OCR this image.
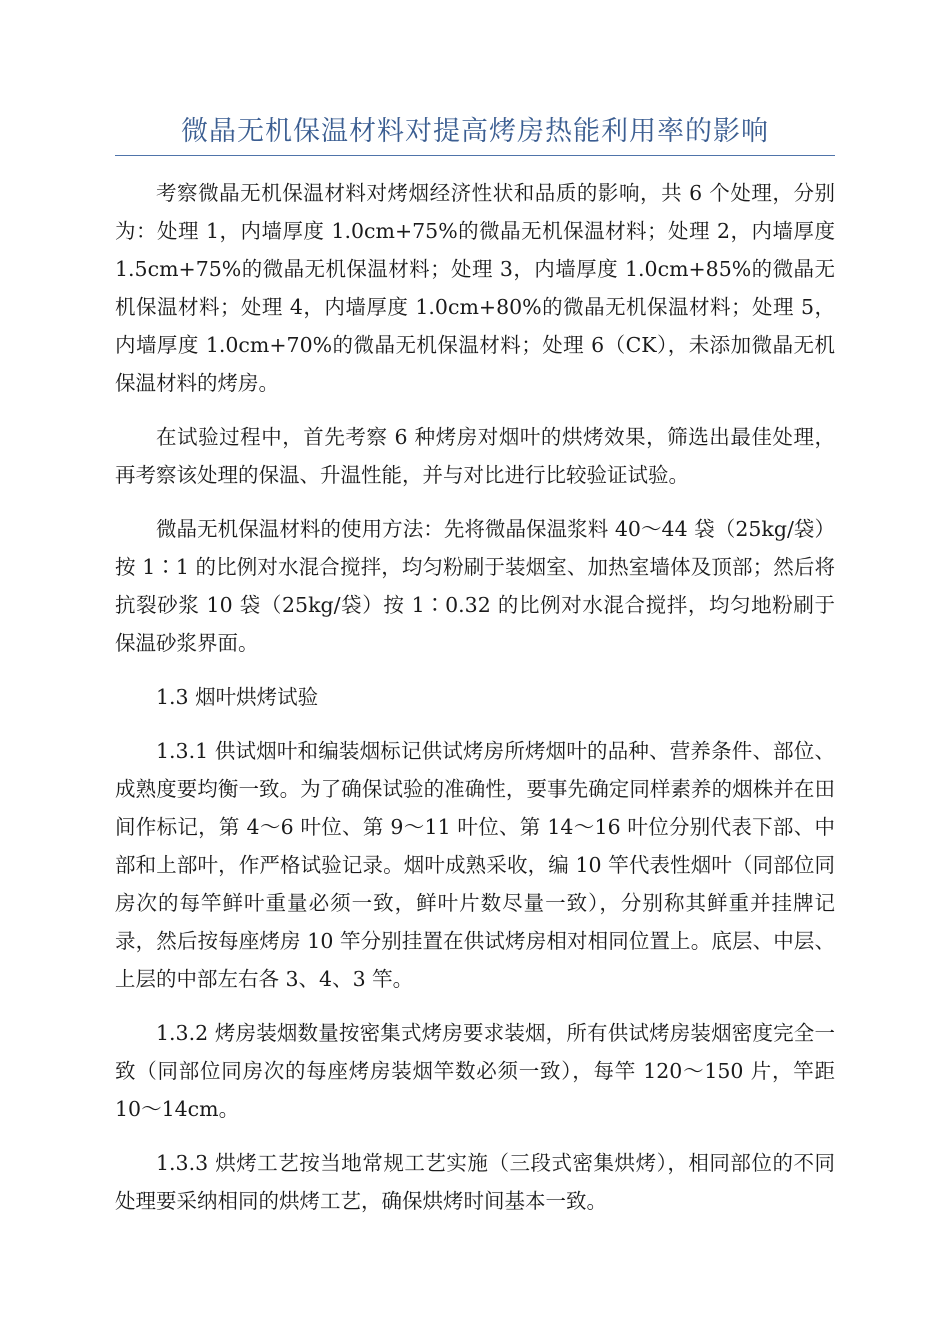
微晶无机保温材料对提高烤房热能利用率的影响

考察微晶无机保温材料对烤烟经济性状和品质的影响，共 6 个处理，分别为：处理 1，内墙厚度 1.0cm+75%的微晶无机保温材料；处理 2，内墙厚度 1.5cm+75%的微晶无机保温材料；处理 3，内墙厚度 1.0cm+85%的微晶无机保温材料；处理 4，内墙厚度 1.0cm+80%的微晶无机保温材料；处理 5，内墙厚度 1.0cm+70%的微晶无机保温材料；处理 6（CK），未添加微晶无机保温材料的烤房。

在试验过程中，首先考察 6 种烤房对烟叶的烘烤效果，筛选出最佳处理，再考察该处理的保温、升温性能，并与对比进行比较验证试验。

微晶无机保温材料的使用方法：先将微晶保温浆料 40～44 袋（25kg/袋）按 1∶1 的比例对水混合搅拌，均匀粉刷于装烟室、加热室墙体及顶部；然后将抗裂砂浆 10 袋（25kg/袋）按 1∶0.32 的比例对水混合搅拌，均匀地粉刷于保温砂浆界面。

1.3 烟叶烘烤试验

1.3.1 供试烟叶和编装烟标记供试烤房所烤烟叶的品种、营养条件、部位、成熟度要均衡一致。为了确保试验的准确性，要事先确定同样素养的烟株并在田间作标记，第 4～6 叶位、第 9～11 叶位、第 14～16 叶位分别代表下部、中部和上部叶，作严格试验记录。烟叶成熟采收，编 10 竿代表性烟叶（同部位同房次的每竿鲜叶重量必须一致，鲜叶片数尽量一致），分别称其鲜重并挂牌记录，然后按每座烤房 10 竿分别挂置在供试烤房相对相同位置上。底层、中层、上层的中部左右各 3、4、3 竿。

1.3.2 烤房装烟数量按密集式烤房要求装烟，所有供试烤房装烟密度完全一致（同部位同房次的每座烤房装烟竿数必须一致），每竿 120～150 片，竿距 10～14cm。

1.3.3 烘烤工艺按当地常规工艺实施（三段式密集烘烤），相同部位的不同处理要采纳相同的烘烤工艺，确保烘烤时间基本一致。
